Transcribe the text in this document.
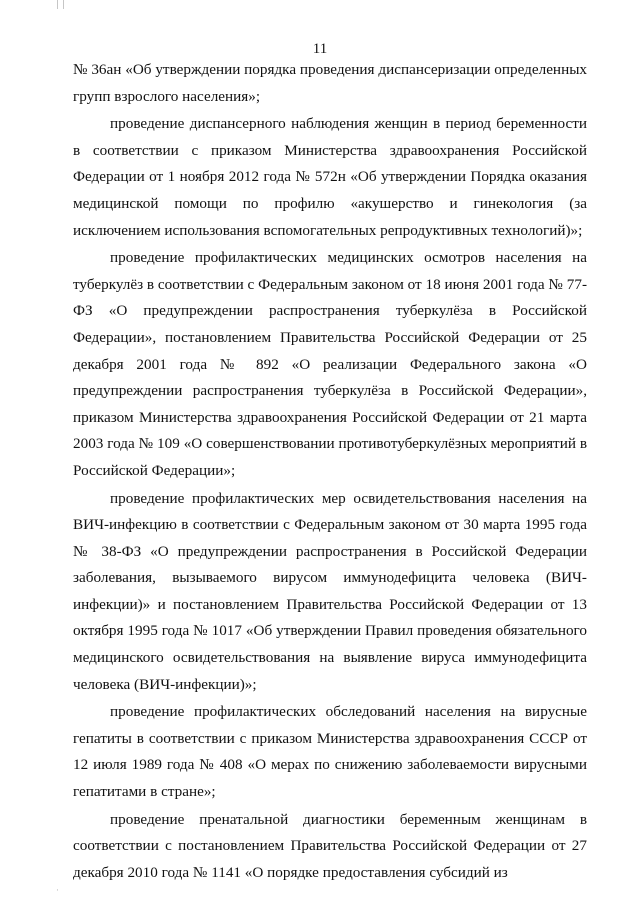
| |
11

№ 36ан «Об утверждении порядка проведения диспансеризации определенных групп взрослого населения»;

проведение диспансерного наблюдения женщин в период беременности в соответствии с приказом Министерства здравоохранения Российской Федерации от 1 ноября 2012 года № 572н «Об утверждении Порядка оказания медицинской помощи по профилю «акушерство и гинекология (за исключением использования вспомогательных репродуктивных технологий)»;

проведение профилактических медицинских осмотров населения на туберкулёз в соответствии с Федеральным законом от 18 июня 2001 года № 77-ФЗ «О предупреждении распространения туберкулёза в Российской Федерации», постановлением Правительства Российской Федерации от 25 декабря 2001 года № 892 «О реализации Федерального закона «О предупреждении распространения туберкулёза в Российской Федерации», приказом Министерства здравоохранения Российской Федерации от 21 марта 2003 года № 109 «О совершенствовании противотуберкулёзных мероприятий в Российской Федерации»;

проведение профилактических мер освидетельствования населения на ВИЧ-инфекцию в соответствии с Федеральным законом от 30 марта 1995 года № 38-ФЗ «О предупреждении распространения в Российской Федерации заболевания, вызываемого вирусом иммунодефицита человека (ВИЧ-инфекции)» и постановлением Правительства Российской Федерации от 13 октября 1995 года № 1017 «Об утверждении Правил проведения обязательного медицинского освидетельствования на выявление вируса иммунодефицита человека (ВИЧ-инфекции)»;

проведение профилактических обследований населения на вирусные гепатиты в соответствии с приказом Министерства здравоохранения СССР от 12 июля 1989 года № 408 «О мерах по снижению заболеваемости вирусными гепатитами в стране»;

проведение пренатальной диагностики беременным женщинам в соответствии с постановлением Правительства Российской Федерации от 27 декабря 2010 года № 1141 «О порядке предоставления субсидий из

·
